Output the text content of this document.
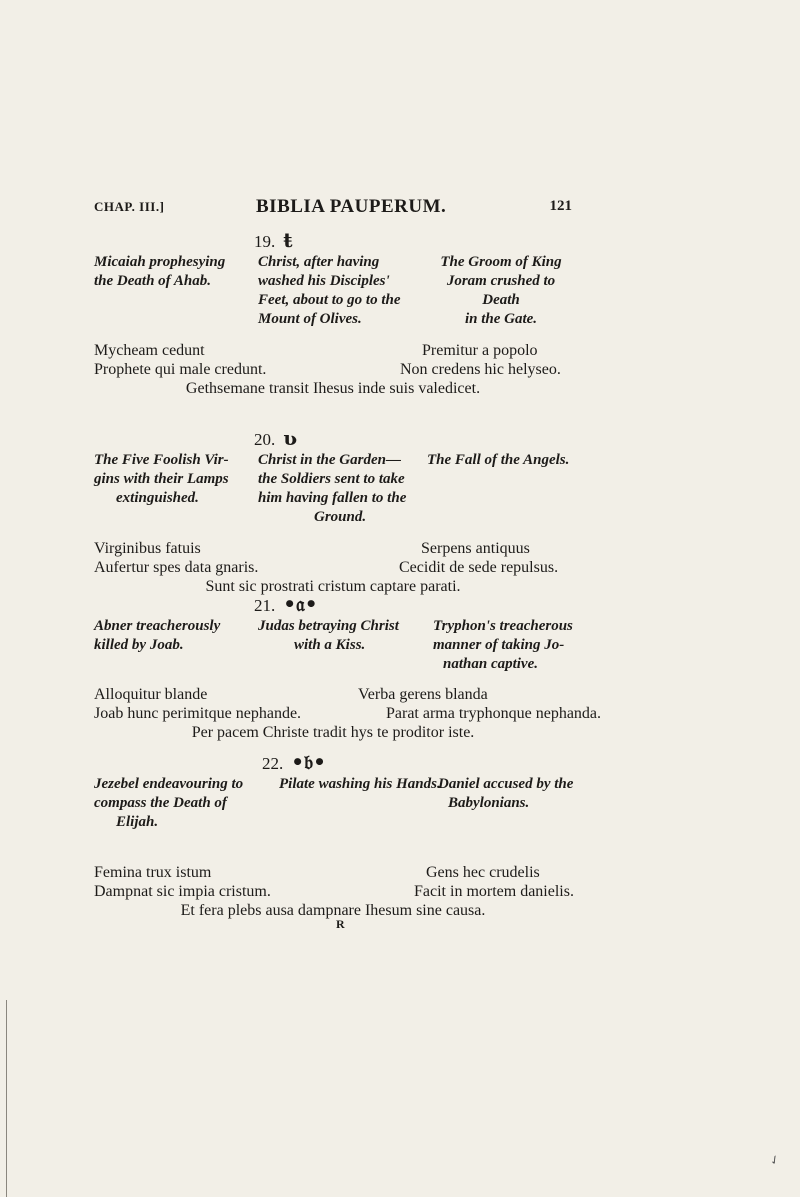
CHAP. III.]	BIBLIA PAUPERUM.	121
19. ŧ
Micaiah prophesying
the Death of Ahab.
Christ, after having
washed his Disciples'
Feet, about to go to the
Mount of Olives.
The Groom of King
Joram crushed to Death
in the Gate.
Mycheam cedunt
Prophete qui male credunt.
Premitur a popolo
Non credens hic helyseo.
Gethsemane transit Ihesus inde suis valedicet.
20. ʋ
The Five Foolish Vir-
gins with their Lamps
extinguished.
Christ in the Garden—
the Soldiers sent to take
him having fallen to the
Ground.
The Fall of the Angels.
Virginibus fatuis
Aufertur spes data gnaris.
Serpens antiquus
Cecidit de sede repulsus.
Sunt sic prostrati cristum captare parati.
21. •𝔞•
Abner treacherously
killed by Joab.
Judas betraying Christ
with a Kiss.
Tryphon's treacherous
manner of taking Jo-
nathan captive.
Alloquitur blande
Joab hunc perimitque nephande.
Verba gerens blanda
Parat arma tryphonque nephanda.
Per pacem Christe tradit hys te proditor iste.
22. •𝔟•
Jezebel endeavouring to
compass the Death of
Elijah.
Pilate washing his Hands.
Daniel accused by the
Babylonians.
Femina trux istum
Dampnat sic impia cristum.
Gens hec crudelis
Facit in mortem danielis.
Et fera plebs ausa dampnare Ihesum sine causa.
R
✓
